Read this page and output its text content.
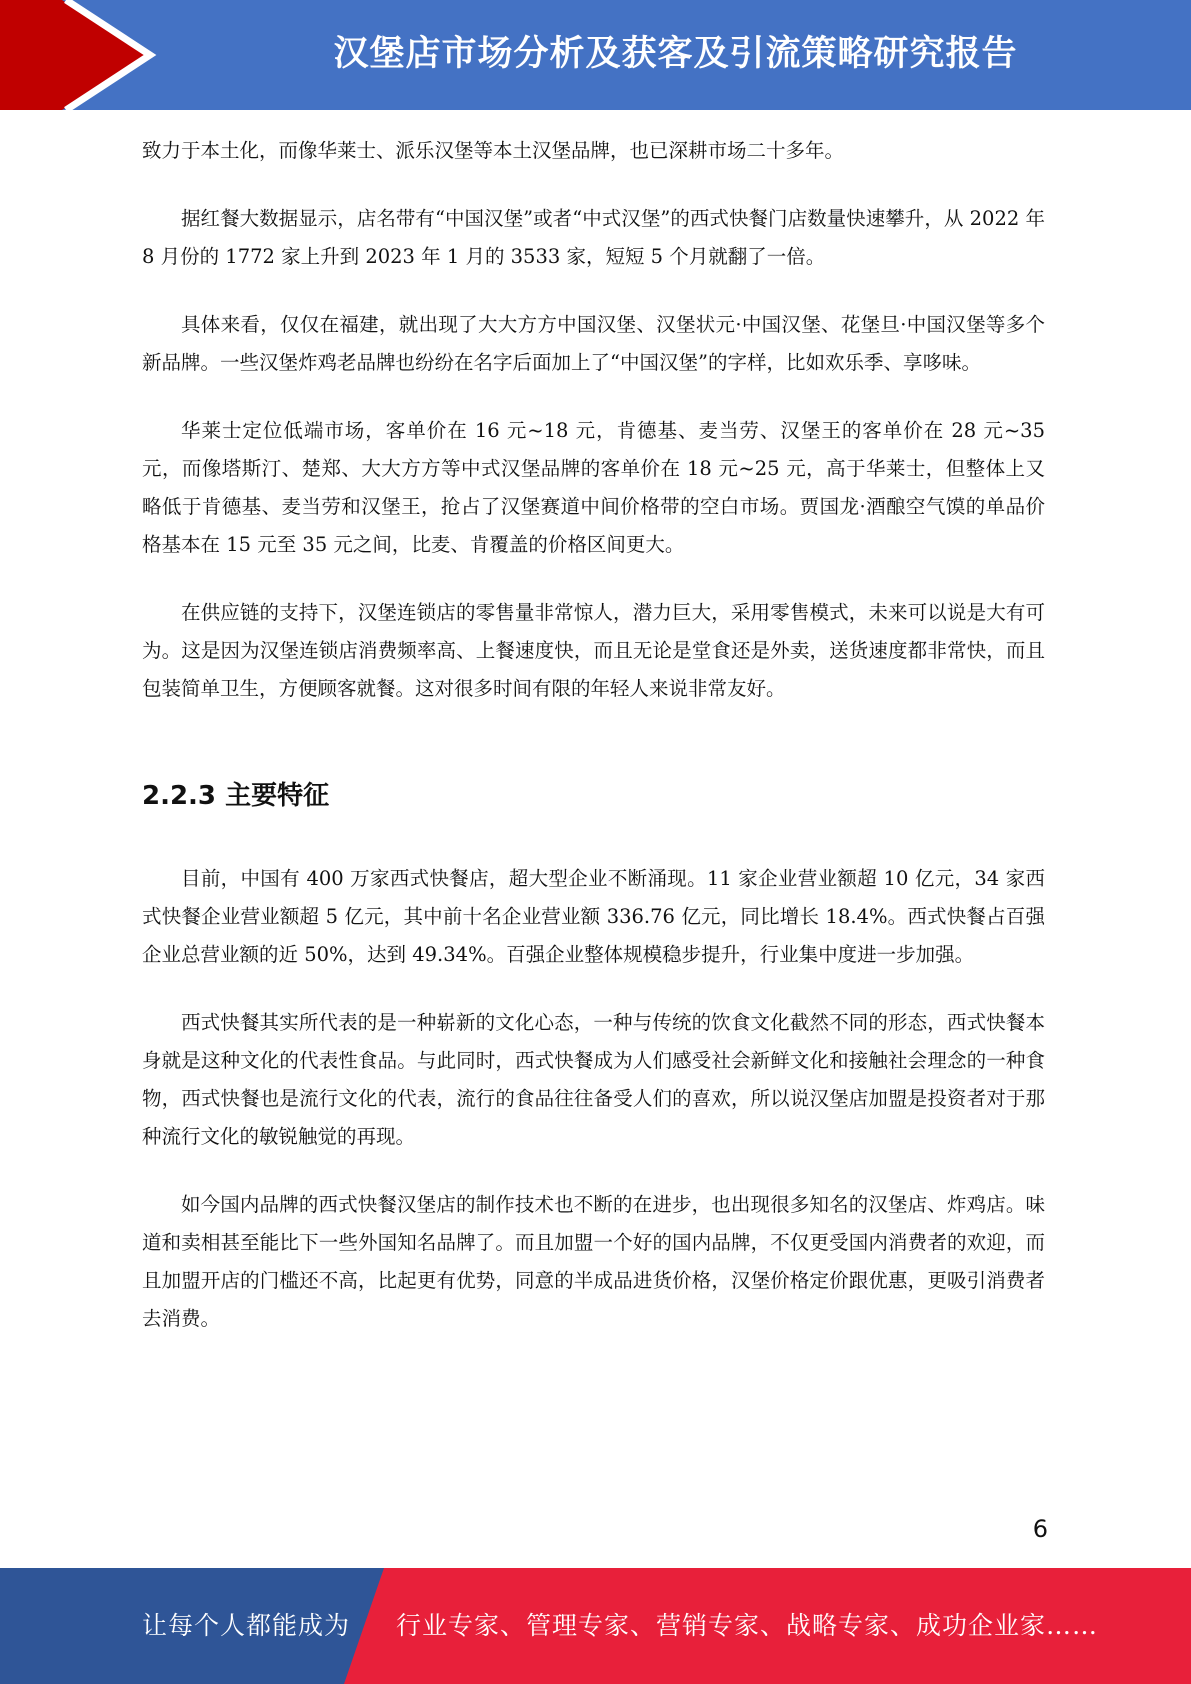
汉堡店市场分析及获客及引流策略研究报告

致力于本土化，而像华莱士、派乐汉堡等本土汉堡品牌，也已深耕市场二十多年。

据红餐大数据显示，店名带有“中国汉堡”或者“中式汉堡”的西式快餐门店数量快速攀升，从 2022 年 8 月份的 1772 家上升到 2023 年 1 月的 3533 家，短短 5 个月就翻了一倍。

具体来看，仅仅在福建，就出现了大大方方中国汉堡、汉堡状元·中国汉堡、花堡旦·中国汉堡等多个新品牌。一些汉堡炸鸡老品牌也纷纷在名字后面加上了“中国汉堡”的字样，比如欢乐季、享哆味。

华莱士定位低端市场，客单价在 16 元~18 元，肯德基、麦当劳、汉堡王的客单价在 28 元~35 元，而像塔斯汀、楚郑、大大方方等中式汉堡品牌的客单价在 18 元~25 元，高于华莱士，但整体上又略低于肯德基、麦当劳和汉堡王，抢占了汉堡赛道中间价格带的空白市场。贾国龙·酒酿空气馍的单品价格基本在 15 元至 35 元之间，比麦、肯覆盖的价格区间更大。

在供应链的支持下，汉堡连锁店的零售量非常惊人，潜力巨大，采用零售模式，未来可以说是大有可为。这是因为汉堡连锁店消费频率高、上餐速度快，而且无论是堂食还是外卖，送货速度都非常快，而且包装简单卫生，方便顾客就餐。这对很多时间有限的年轻人来说非常友好。

2.2.3 主要特征

目前，中国有 400 万家西式快餐店，超大型企业不断涌现。11 家企业营业额超 10 亿元，34 家西式快餐企业营业额超 5 亿元，其中前十名企业营业额 336.76 亿元，同比增长 18.4%。西式快餐占百强企业总营业额的近 50%，达到 49.34%。百强企业整体规模稳步提升，行业集中度进一步加强。

西式快餐其实所代表的是一种崭新的文化心态，一种与传统的饮食文化截然不同的形态，西式快餐本身就是这种文化的代表性食品。与此同时，西式快餐成为人们感受社会新鲜文化和接触社会理念的一种食物，西式快餐也是流行文化的代表，流行的食品往往备受人们的喜欢，所以说汉堡店加盟是投资者对于那种流行文化的敏锐触觉的再现。

如今国内品牌的西式快餐汉堡店的制作技术也不断的在进步，也出现很多知名的汉堡店、炸鸡店。味道和卖相甚至能比下一些外国知名品牌了。而且加盟一个好的国内品牌，不仅更受国内消费者的欢迎，而且加盟开店的门槛还不高，比起更有优势，同意的半成品进货价格，汉堡价格定价跟优惠，更吸引消费者去消费。

6
让每个人都能成为 行业专家、管理专家、营销专家、战略专家、成功企业家……
